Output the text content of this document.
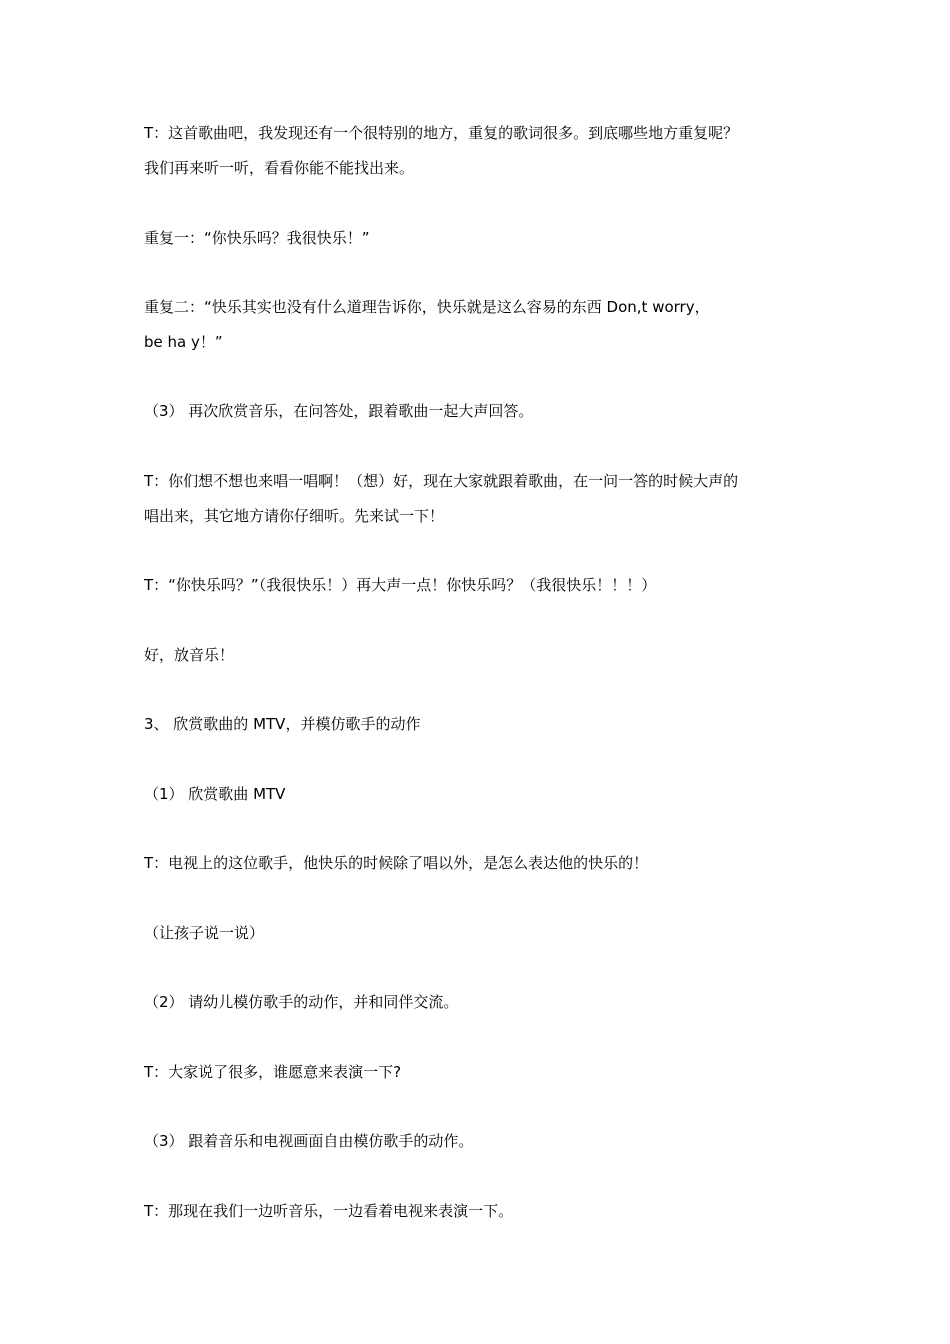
T：这首歌曲吧，我发现还有一个很特别的地方，重复的歌词很多。到底哪些地方重复呢？
我们再来听一听，看看你能不能找出来。
重复一：“你快乐吗？我很快乐！”
重复二：“快乐其实也没有什么道理告诉你，快乐就是这么容易的东西 Don,t worry，
be ha y！”
（3） 再次欣赏音乐，在问答处，跟着歌曲一起大声回答。
T：你们想不想也来唱一唱啊！（想）好，现在大家就跟着歌曲，在一问一答的时候大声的
唱出来，其它地方请你仔细听。先来试一下！
T：“你快乐吗？”（我很快乐！）再大声一点！你快乐吗？（我很快乐！！！）
好，放音乐！
3、 欣赏歌曲的 MTV，并模仿歌手的动作
（1） 欣赏歌曲 MTV
T：电视上的这位歌手，他快乐的时候除了唱以外，是怎么表达他的快乐的！
（让孩子说一说）
（2） 请幼儿模仿歌手的动作，并和同伴交流。
T：大家说了很多，谁愿意来表演一下?
（3） 跟着音乐和电视画面自由模仿歌手的动作。
T：那现在我们一边听音乐，一边看着电视来表演一下。
